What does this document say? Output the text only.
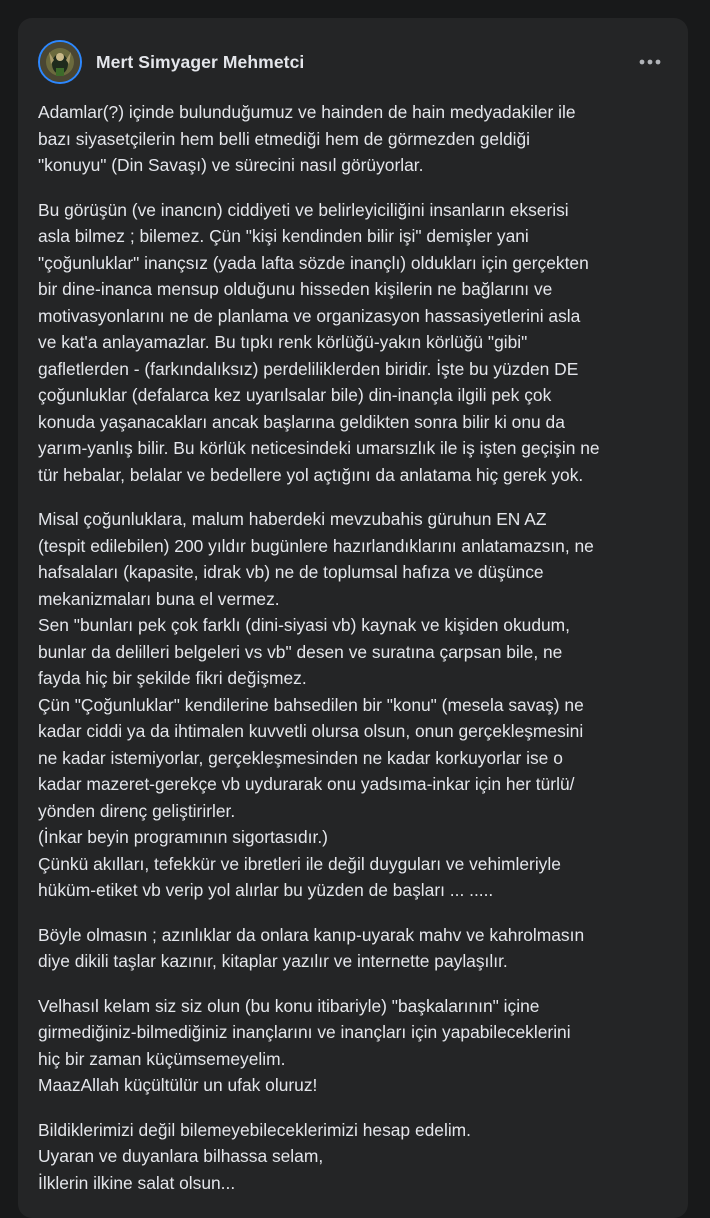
Mert Simyager Mehmetci
Adamlar(?) içinde bulunduğumuz ve hainden de hain medyadakiler ile
bazı siyasetçilerin hem belli etmediği hem de görmezden geldiği
"konuyu" (Din Savaşı) ve sürecini nasıl görüyorlar.
Bu görüşün (ve inancın) ciddiyeti ve belirleyiciliğini insanların ekserisi
asla bilmez ; bilemez. Çün "kişi kendinden bilir işi" demişler yani
"çoğunluklar" inançsız (yada lafta sözde inançlı) oldukları için gerçekten
bir dine-inanca mensup olduğunu hisseden kişilerin ne bağlarını ve
motivasyonlarını ne de planlama ve organizasyon hassasiyetlerini asla
ve kat'a anlayamazlar. Bu tıpkı renk körlüğü-yakın körlüğü "gibi"
gafletlerden - (farkındalıksız) perdeliliklerden biridir. İşte bu yüzden DE
çoğunluklar (defalarca kez uyarılsalar bile) din-inançla ilgili pek çok
konuda yaşanacakları ancak başlarına geldikten sonra bilir ki onu da
yarım-yanlış bilir. Bu körlük neticesindeki umarsızlık ile iş işten geçişin ne
tür hebalar, belalar ve bedellere yol açtığını da anlatama hiç gerek yok.
Misal çoğunluklara, malum haberdeki mevzubahis güruhun EN AZ
(tespit edilebilen) 200 yıldır bugünlere hazırlandıklarını anlatamazsın, ne
hafsalaları (kapasite, idrak vb) ne de toplumsal hafıza ve düşünce
mekanizmaları buna el vermez.
Sen "bunları pek çok farklı (dini-siyasi vb) kaynak ve kişiden okudum,
bunlar da delilleri belgeleri vs vb" desen ve suratına çarpsan bile, ne
fayda hiç bir şekilde fikri değişmez.
Çün "Çoğunluklar" kendilerine bahsedilen bir "konu" (mesela savaş) ne
kadar ciddi ya da ihtimalen kuvvetli olursa olsun, onun gerçekleşmesini
ne kadar istemiyorlar, gerçekleşmesinden ne kadar korkuyorlar ise o
kadar mazeret-gerekçe vb uydurarak onu yadsıma-inkar için her türlü/
yönden direnç geliştirirler.
(İnkar beyin programının sigortasıdır.)
Çünkü akılları, tefekkür ve ibretleri ile değil duyguları ve vehimleriyle
hüküm-etiket vb verip yol alırlar bu yüzden de başları ... .....
Böyle olmasın ; azınlıklar da onlara kanıp-uyarak mahv ve kahrolmasın
diye dikili taşlar kazınır, kitaplar yazılır ve internette paylaşılır.
Velhasıl kelam siz siz olun (bu konu itibariyle) "başkalarının" içine
girmediğiniz-bilmediğiniz inançlarını ve inançları için yapabileceklerini
hiç bir zaman küçümsemeyelim.
MaazAllah küçültülür un ufak oluruz!
Bildiklerimizi değil bilemeyebileceklerimizi hesap edelim.
Uyaran ve duyanlara bilhassa selam,
İlklerin ilkine salat olsun...
